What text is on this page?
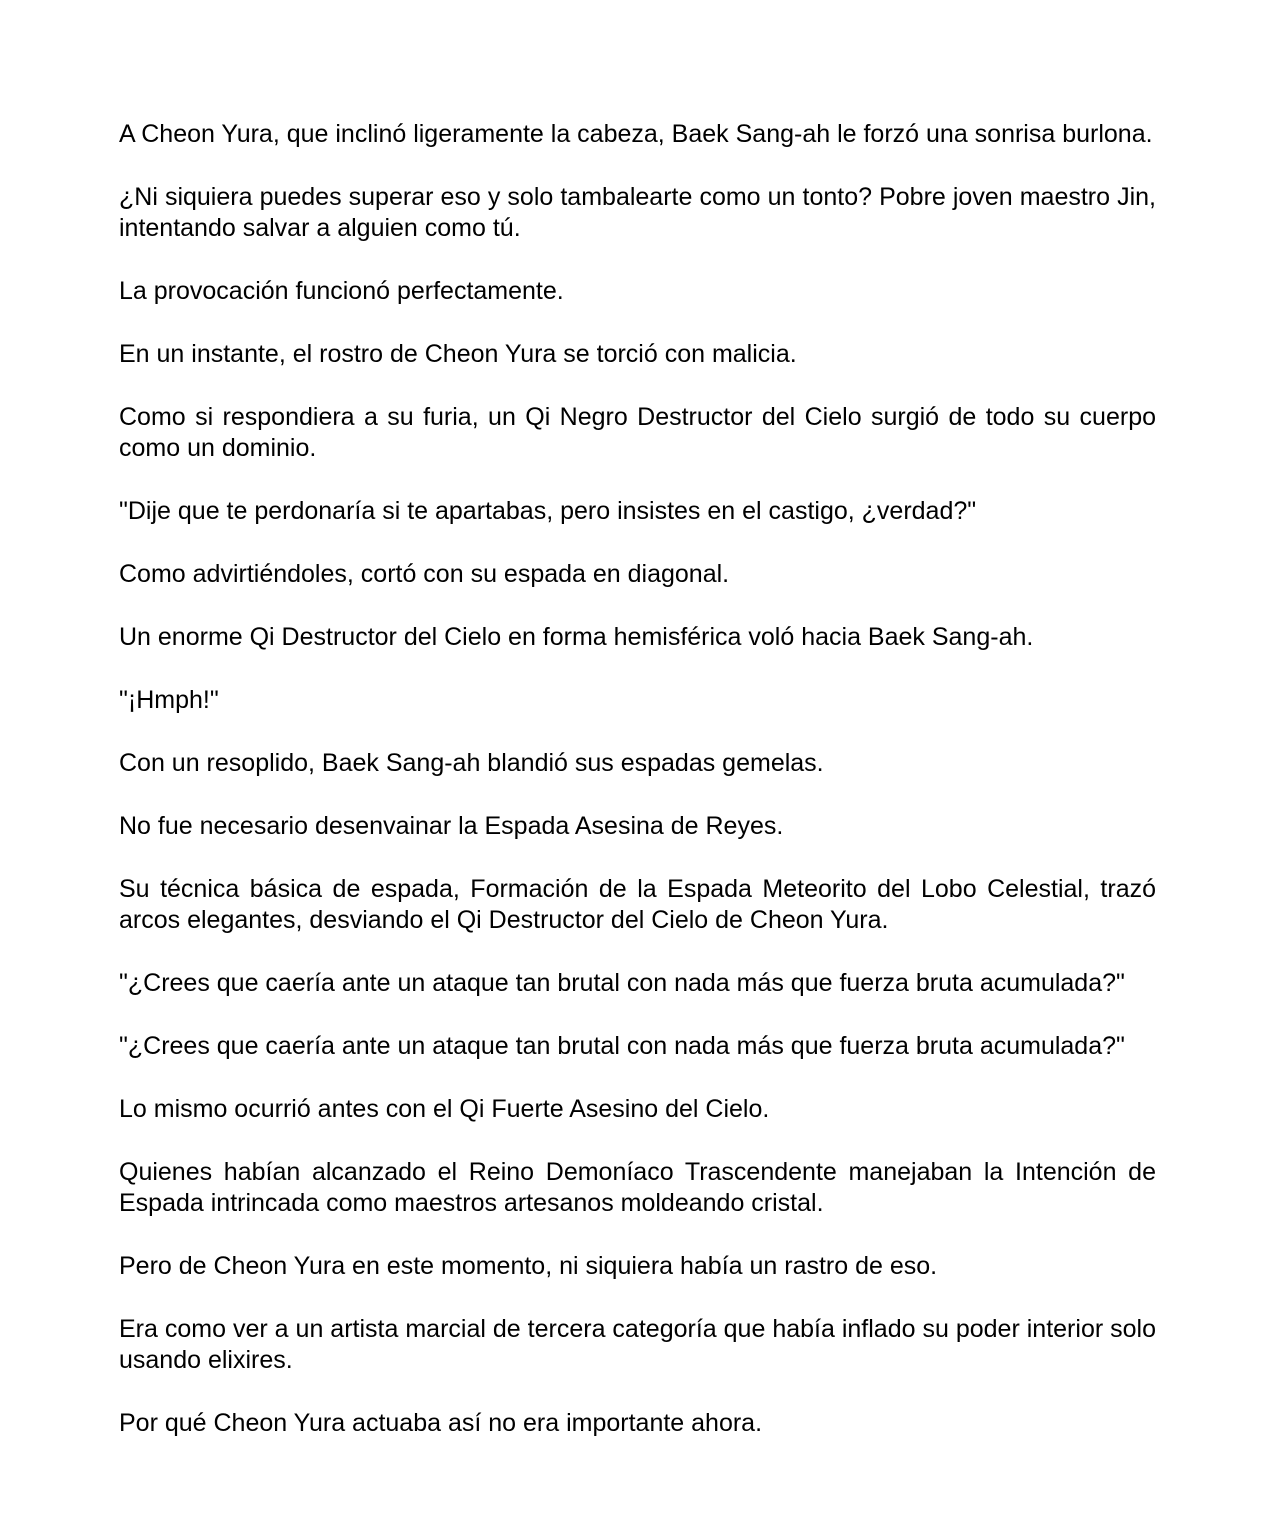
A Cheon Yura, que inclinó ligeramente la cabeza, Baek Sang-ah le forzó una sonrisa burlona.

¿Ni siquiera puedes superar eso y solo tambalearte como un tonto? Pobre joven maestro Jin, intentando salvar a alguien como tú.

La provocación funcionó perfectamente.

En un instante, el rostro de Cheon Yura se torció con malicia.

Como si respondiera a su furia, un Qi Negro Destructor del Cielo surgió de todo su cuerpo como un dominio.

"Dije que te perdonaría si te apartabas, pero insistes en el castigo, ¿verdad?"

Como advirtiéndoles, cortó con su espada en diagonal.

Un enorme Qi Destructor del Cielo en forma hemisférica voló hacia Baek Sang-ah.

"¡Hmph!"

Con un resoplido, Baek Sang-ah blandió sus espadas gemelas.

No fue necesario desenvainar la Espada Asesina de Reyes.

Su técnica básica de espada, Formación de la Espada Meteorito del Lobo Celestial, trazó arcos elegantes, desviando el Qi Destructor del Cielo de Cheon Yura.

"¿Crees que caería ante un ataque tan brutal con nada más que fuerza bruta acumulada?"

"¿Crees que caería ante un ataque tan brutal con nada más que fuerza bruta acumulada?"

Lo mismo ocurrió antes con el Qi Fuerte Asesino del Cielo.

Quienes habían alcanzado el Reino Demoníaco Trascendente manejaban la Intención de Espada intrincada como maestros artesanos moldeando cristal.

Pero de Cheon Yura en este momento, ni siquiera había un rastro de eso.

Era como ver a un artista marcial de tercera categoría que había inflado su poder interior solo usando elixires.

Por qué Cheon Yura actuaba así no era importante ahora.
